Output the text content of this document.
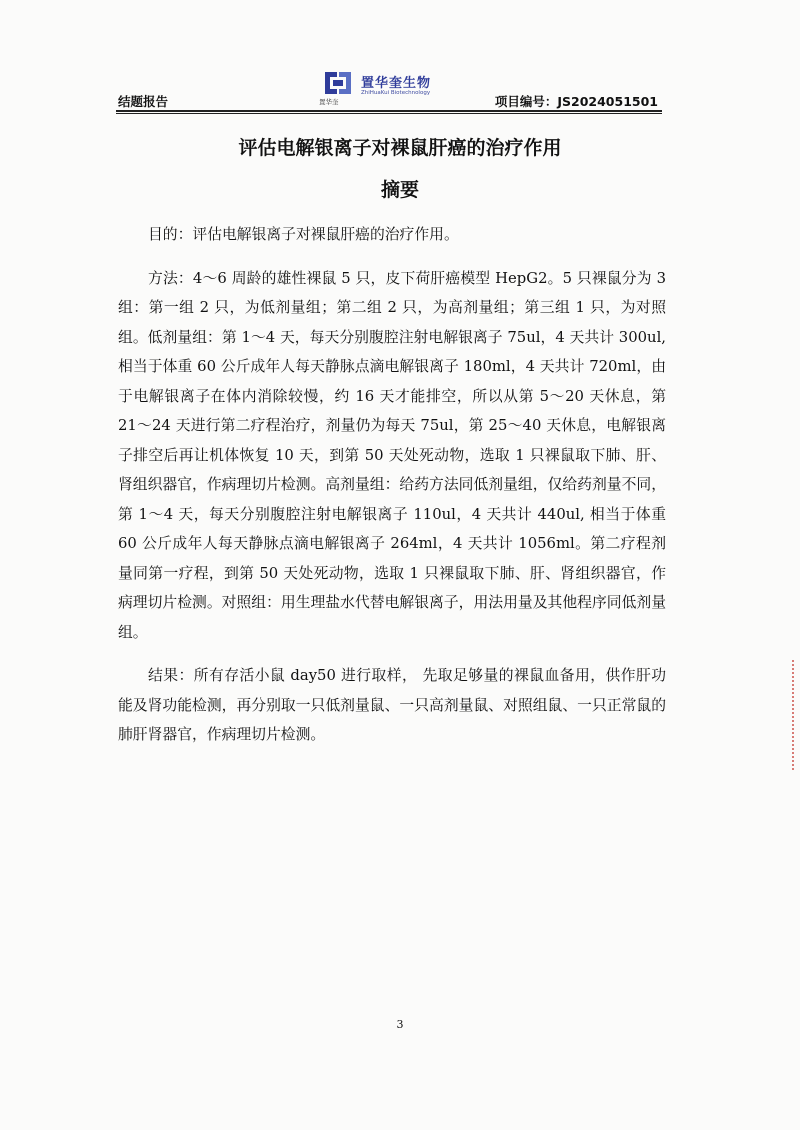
结题报告
置华奎生物
ZhiHuaKui Biotechnology
置华奎	项目编号：JS2024051501
评估电解银离子对裸鼠肝癌的治疗作用
摘要

目的：评估电解银离子对裸鼠肝癌的治疗作用。

方法：4～6 周龄的雄性裸鼠 5 只，皮下荷肝癌模型 HepG2。5 只裸鼠分为 3 组：第一组 2 只，为低剂量组；第二组 2 只，为高剂量组；第三组 1 只，为对照组。低剂量组：第 1～4 天，每天分别腹腔注射电解银离子 75ul，4 天共计 300ul,相当于体重 60 公斤成年人每天静脉点滴电解银离子 180ml，4 天共计 720ml，由于电解银离子在体内消除较慢，约 16 天才能排空，所以从第 5～20 天休息，第 21～24 天进行第二疗程治疗，剂量仍为每天 75ul，第 25～40 天休息，电解银离子排空后再让机体恢复 10 天，到第 50 天处死动物，选取 1 只裸鼠取下肺、肝、肾组织器官，作病理切片检测。高剂量组：给药方法同低剂量组，仅给药剂量不同，第 1～4 天，每天分别腹腔注射电解银离子 110ul，4 天共计 440ul, 相当于体重 60 公斤成年人每天静脉点滴电解银离子 264ml，4 天共计 1056ml。第二疗程剂量同第一疗程，到第 50 天处死动物，选取 1 只裸鼠取下肺、肝、肾组织器官，作病理切片检测。对照组：用生理盐水代替电解银离子，用法用量及其他程序同低剂量组。

结果：所有存活小鼠 day50 进行取样， 先取足够量的裸鼠血备用，供作肝功能及肾功能检测，再分别取一只低剂量鼠、一只高剂量鼠、对照组鼠、一只正常鼠的肺肝肾器官，作病理切片检测。

3
